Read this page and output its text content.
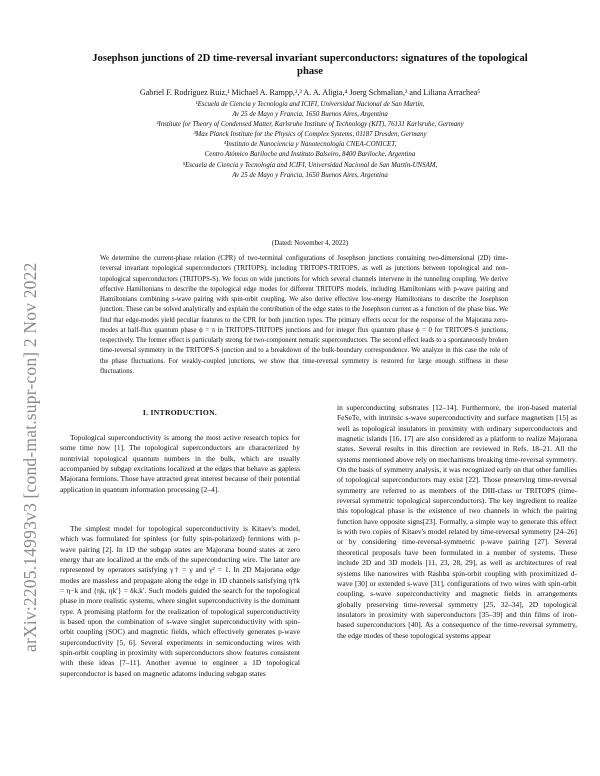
arXiv:2205.14993v3 [cond-mat.supr-con] 2 Nov 2022
Josephson junctions of 2D time-reversal invariant superconductors: signatures of the topological phase

Gabriel F. Rodríguez Ruiz,¹ Michael A. Rampp,²,³ A. A. Aligia,⁴ Joerg Schmalian,² and Liliana Arrachea⁵

¹Escuela de Ciencia y Tecnología and ICIFI, Universidad Nacional de San Martín,
Av 25 de Mayo y Francia, 1650 Buenos Aires, Argentina
²Institute for Theory of Condensed Matter, Karlsruhe Institute of Technology (KIT), 76131 Karlsruhe, Germany
³Max Planck Institute for the Physics of Complex Systems, 01187 Dresden, Germany
⁴Instituto de Nanociencia y Nanotecnología CNEA-CONICET,
Centro Atómico Bariloche and Instituto Balseiro, 8400 Bariloche, Argentina
⁵Escuela de Ciencia y Tecnología and ICIFI, Universidad Nacional de San Martín-UNSAM,
Av 25 de Mayo y Francia, 1650 Buenos Aires, Argentina
(Dated: November 4, 2022)

We determine the current-phase relation (CPR) of two-terminal configurations of Josephson junctions containing two-dimensional (2D) time-reversal invariant topological superconductors (TRITOPS), including TRITOPS-TRITOPS, as well as junctions between topological and non-topological superconductors (TRITOPS-S). We focus on wide junctions for which several channels intervene in the tunneling coupling. We derive effective Hamiltonians to describe the topological edge modes for different TRITOPS models, including Hamiltonians with p-wave pairing and Hamiltonians combining s-wave pairing with spin-orbit coupling. We also derive effective low-energy Hamiltonians to describe the Josephson junction. These can be solved analytically and explain the contribution of the edge states to the Josephson current as a function of the phase bias. We find that edge-modes yield peculiar features to the CPR for both junction types. The primary effects occur for the response of the Majorana zero-modes at half-flux quantum phase ϕ = π in TRITOPS-TRITOPS junctions and for integer flux quantum phase ϕ = 0 for TRITOPS-S junctions, respectively. The former effect is particularly strong for two-component nematic superconductors. The second effect leads to a spontaneously broken time-reversal symmetry in the TRITOPS-S junction and to a breakdown of the bulk-boundary correspondence. We analyze in this case the role of the phase fluctuations. For weakly-coupled junctions, we show that time-reversal symmetry is restored for large enough stiffness in these fluctuations.

I. INTRODUCTION.

Topological superconductivity is among the most active research topics for some time now [1]. The topological superconductors are characterized by nontrivial topological quantum numbers in the bulk, which are usually accompanied by subgap excitations localized at the edges that behave as gapless Majorana fermions. Those have attracted great interest because of their potential application in quantum information processing [2–4].

The simplest model for topological superconductivity is Kitaev's model, which was formulated for spinless (or fully spin-polarized) fermions with p-wave pairing [2]. In 1D the subgap states are Majorana bound states at zero energy that are localized at the ends of the superconducting wire. The latter are represented by operators satisfying γ† = γ and γ² = 1. In 2D Majorana edge modes are massless and propagate along the edge in 1D channels satisfying η†k = η−k and {ηk, ηk′} = δk,k′. Such models guided the search for the topological phase in more realistic systems, where singlet superconductivity is the dominant type. A promising platform for the realization of topological superconductivity is based upon the combination of s-wave singlet superconductivity with spin-orbit coupling (SOC) and magnetic fields, which effectively generates p-wave superconductivity [5, 6]. Several experiments in semiconducting wires with spin-orbit coupling in proximity with superconductors show features consistent with these ideas [7–11]. Another avenue to engineer a 1D topological superconductor is based on magnetic adatoms inducing subgap states

in superconducting substrates [12–14]. Furthermore, the iron-based material FeSeTe, with intrinsic s-wave superconductivity and surface magnetism [15] as well as topological insulators in proximity with ordinary superconductors and magnetic islands [16, 17] are also considered as a platform to realize Majorana states. Several results in this direction are reviewed in Refs. 18–21. All the systems mentioned above rely on mechanisms breaking time-reversal symmetry. On the basis of symmetry analysis, it was recognized early on that other families of topological superconductors may exist [22]. Those preserving time-reversal symmetry are referred to as members of the DIII-class or TRITOPS (time-reversal symmetric topological superconductors). The key ingredient to realize this topological phase is the existence of two channels in which the pairing function have opposite signs[23]. Formally, a simple way to generate this effect is with two copies of Kitaev's model related by time-reversal symmetry [24–26] or by considering time-reversal-symmetric p-wave pairing [27]. Several theoretical proposals have been formulated in a number of systems. These include 2D and 3D models [11, 23, 28, 29], as well as architectures of real systems like nanowires with Rashba spin-orbit coupling with proximitized d-wave [30] or extended s-wave [31], configurations of two wires with spin-orbit coupling, s-wave superconductivity and magnetic fields in arrangements globally preserving time-reversal symmetry [25, 32–34], 2D topological insulators in proximity with superconductors [35–39] and thin films of iron-based superconductors [40]. As a consequence of the time-reversal symmetry, the edge modes of these topological systems appear
